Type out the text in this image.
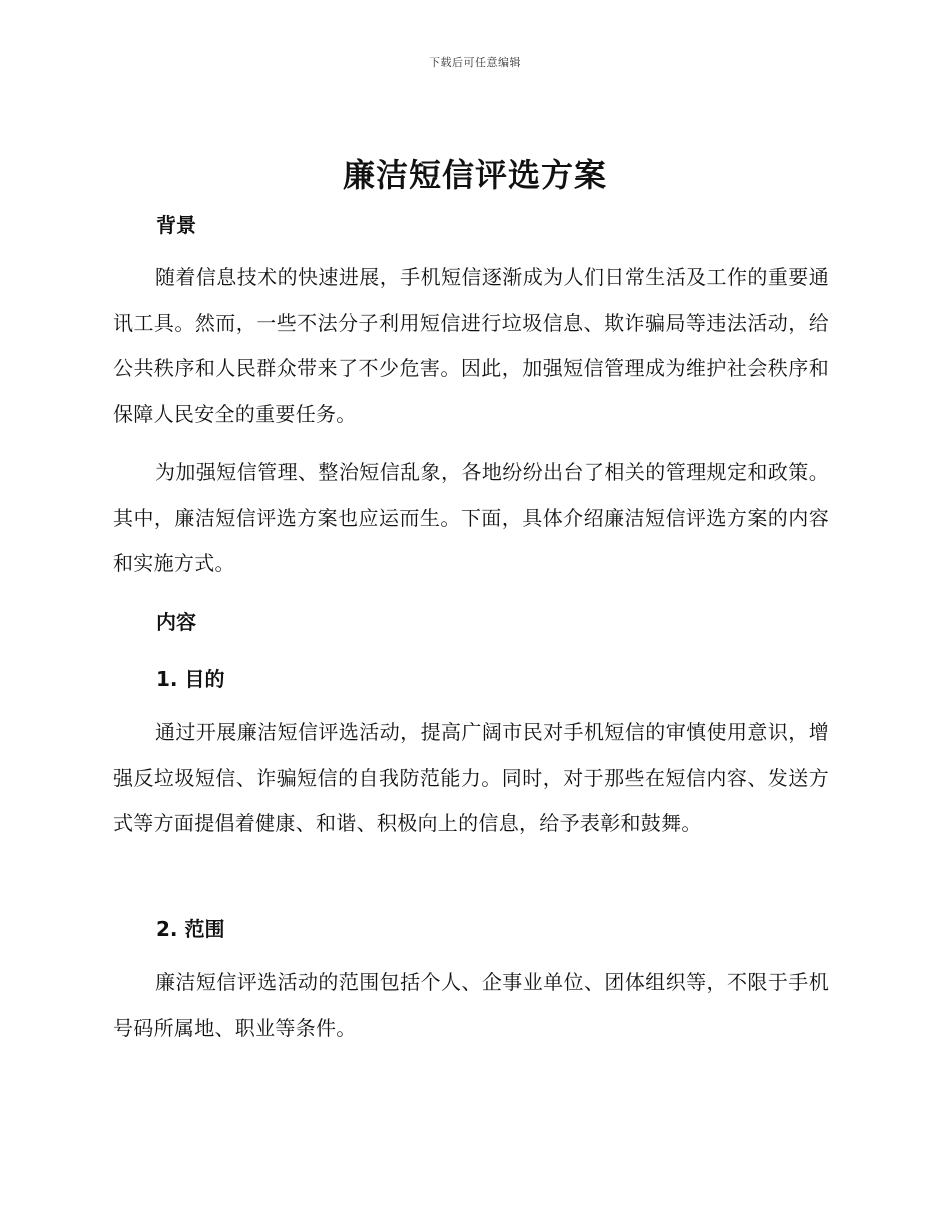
下载后可任意编辑
廉洁短信评选方案
背景

随着信息技术的快速进展，手机短信逐渐成为人们日常生活及工作的重要通讯工具。然而，一些不法分子利用短信进行垃圾信息、欺诈骗局等违法活动，给公共秩序和人民群众带来了不少危害。因此，加强短信管理成为维护社会秩序和保障人民安全的重要任务。

为加强短信管理、整治短信乱象，各地纷纷出台了相关的管理规定和政策。其中，廉洁短信评选方案也应运而生。下面，具体介绍廉洁短信评选方案的内容和实施方式。

内容
1. 目的

通过开展廉洁短信评选活动，提高广阔市民对手机短信的审慎使用意识，增强反垃圾短信、诈骗短信的自我防范能力。同时，对于那些在短信内容、发送方式等方面提倡着健康、和谐、积极向上的信息，给予表彰和鼓舞。

2. 范围

廉洁短信评选活动的范围包括个人、企事业单位、团体组织等，不限于手机号码所属地、职业等条件。
